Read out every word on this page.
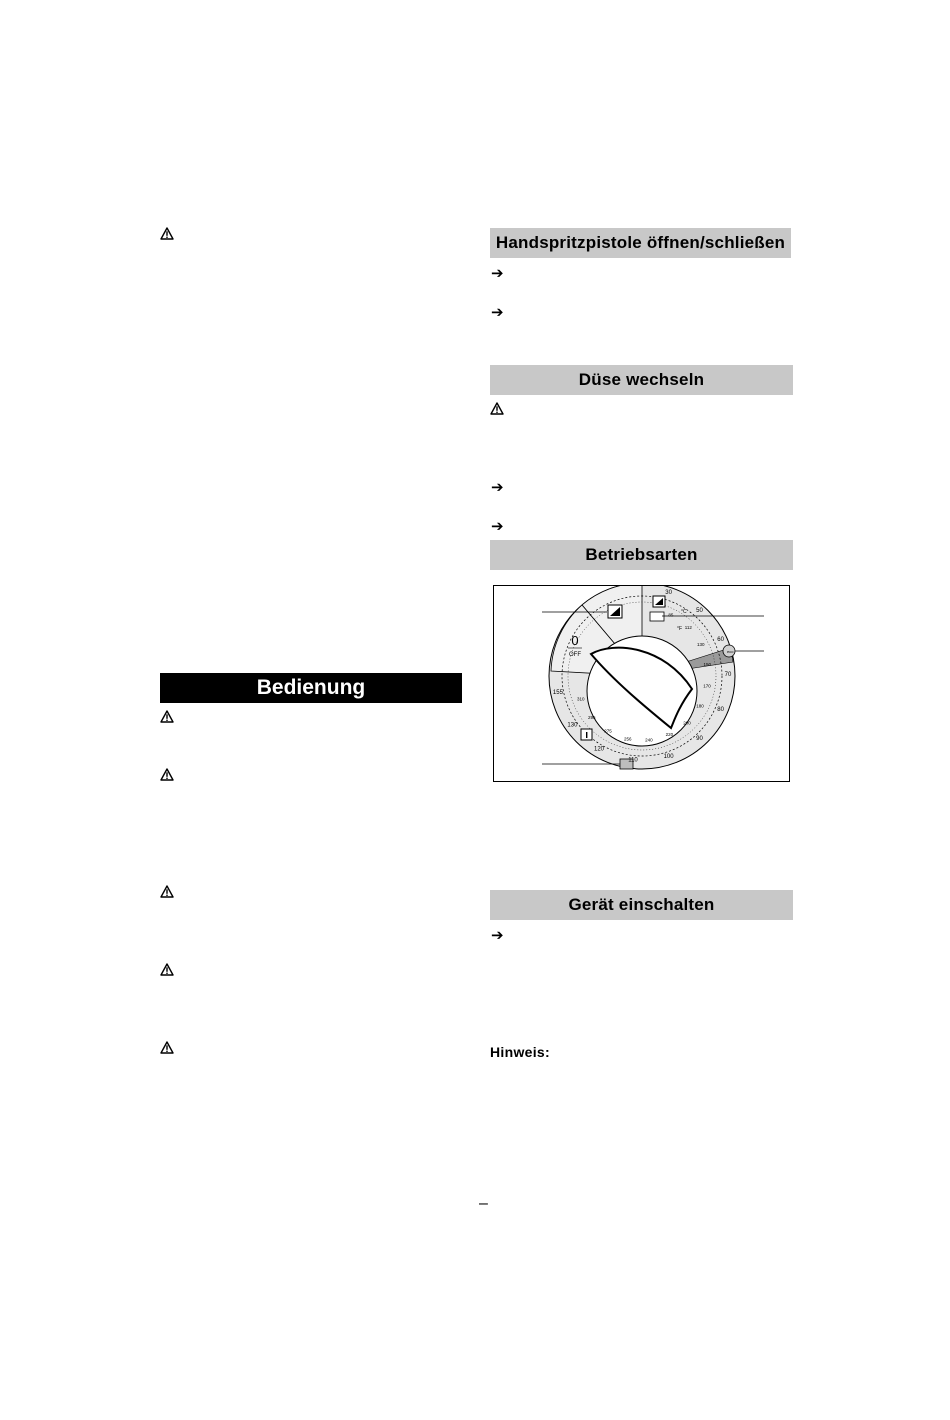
Bedienung
Handspritzpistole öffnen/schließen
➔
➔
Düse wechseln
➔
➔
Betriebsarten
0
OFF
°C
°F
eco
30
50
60
70
80
90
100
110
120
130
155
85
112
130
150
170
180
200
220
240
256
275
295
310
Gerät einschalten
➔
Hinweis:
–
